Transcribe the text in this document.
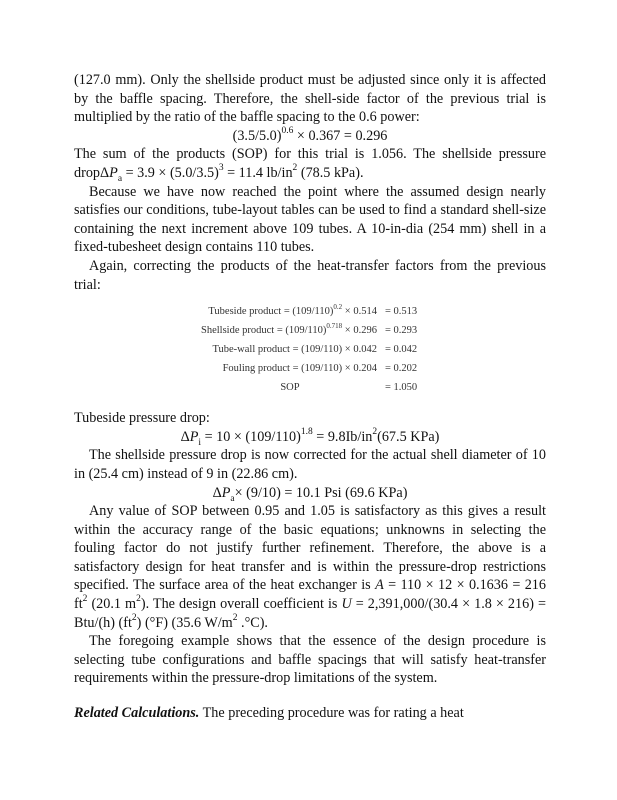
(127.0 mm). Only the shellside product must be adjusted since only it is affected by the baffle spacing. Therefore, the shell-side factor of the previous trial is multiplied by the ratio of the baffle spacing to the 0.6 power:

$(3.5/5.0)^{0.6} \times 0.367 = 0.296$

The sum of the products (SOP) for this trial is 1.056. The shellside pressure dropΔP$_a$ = $3.9 \times (5.0/3.5)^3 = 11.4$ $lb/in^2$ (78.5 kPa).

Because we have now reached the point where the assumed design nearly satisfies our conditions, tube-layout tables can be used to find a standard shell-size containing the next increment above 109 tubes. A 10-in-dia (254 mm) shell in a fixed-tubesheet design contains 110 tubes.

Again, correcting the products of the heat-transfer factors from the previous trial:

Tubeside product = $(109/110)^{0.2} \times 0.514$	= 0.513
Shellside product = $(109/110)^{0.718} \times 0.296$	= 0.293
Tube-wall product = (109/110) × 0.042	= 0.042
Fouling product = (109/110) × 0.204	= 0.202
SOP	= 1.050

Tubeside pressure drop:

$\Delta P_i = 10 \times (109/110)^{1.8} = 9.8Ib/in^2(67.5$ KPa)

The shellside pressure drop is now corrected for the actual shell diameter of 10 in (25.4 cm) instead of 9 in (22.86 cm).

$\Delta P_a\times (9/10) = 10.1$ Psi (69.6 KPa)

Any value of SOP between 0.95 and 1.05 is satisfactory as this gives a result within the accuracy range of the basic equations; unknowns in selecting the fouling factor do not justify further refinement. Therefore, the above is a satisfactory design for heat transfer and is within the pressure-drop restrictions specified. The surface area of the heat exchanger is A = 110 × 12 × 0.1636 = 216 $ft^2$ (20.1 $m^2$). The design overall coefficient is U = 2,391,000/(30.4 × 1.8 × 216) = Btu/(h) $(ft^2)$ (°F) (35.6 $W/m^2$ .°C).

The foregoing example shows that the essence of the design procedure is selecting tube configurations and baffle spacings that will satisfy heat-transfer requirements within the pressure-drop limitations of the system.

Related Calculations. The preceding procedure was for rating a heat
